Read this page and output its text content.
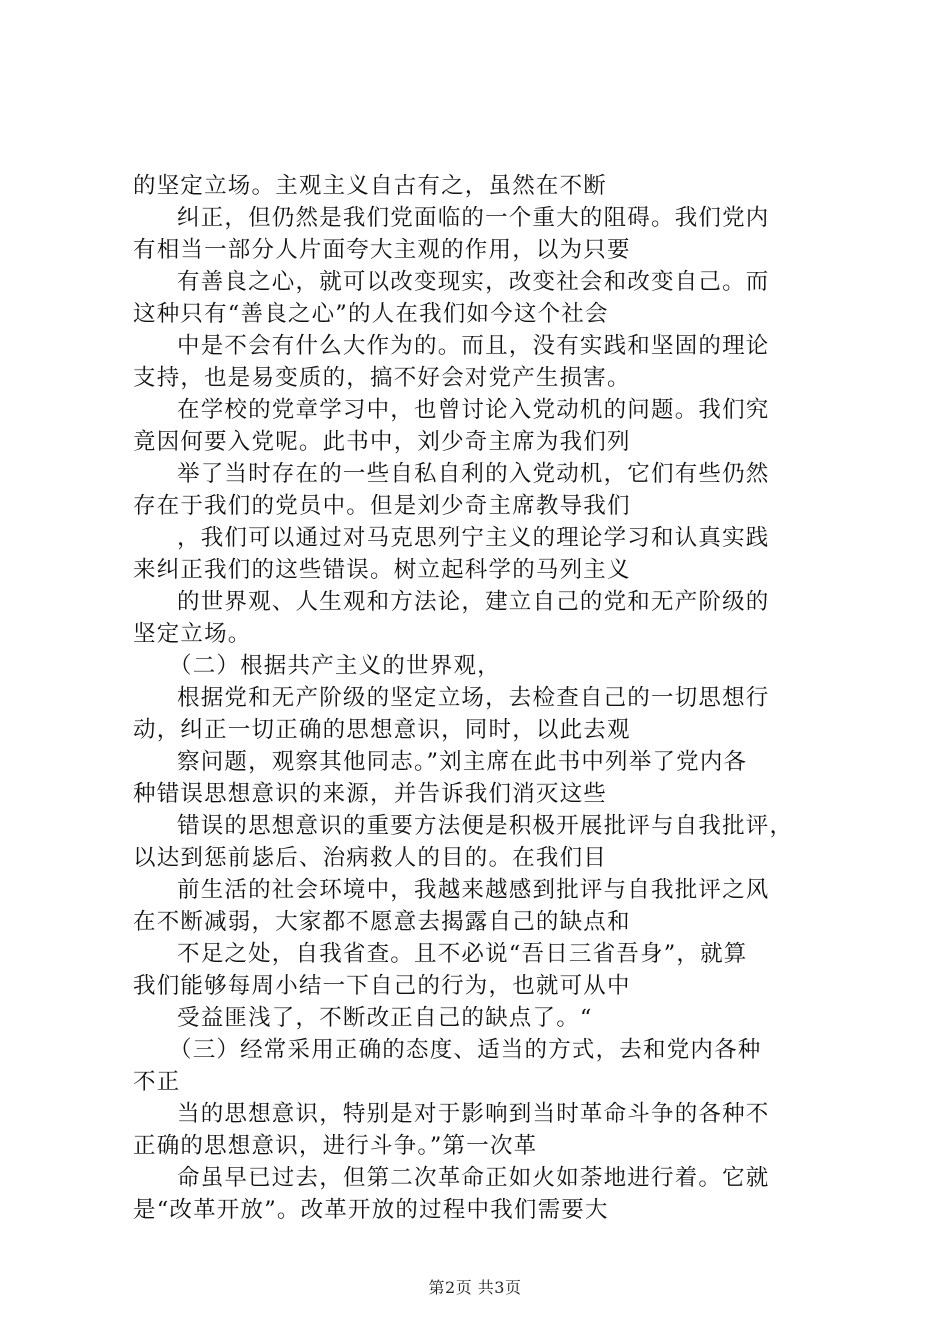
的坚定立场。主观主义自古有之，虽然在不断
纠正，但仍然是我们党面临的一个重大的阻碍。我们党内
有相当一部分人片面夸大主观的作用，以为只要
有善良之心，就可以改变现实，改变社会和改变自己。而
这种只有“善良之心”的人在我们如今这个社会
中是不会有什么大作为的。而且，没有实践和坚固的理论
支持，也是易变质的，搞不好会对党产生损害。
在学校的党章学习中，也曾讨论入党动机的问题。我们究
竟因何要入党呢。此书中，刘少奇主席为我们列
举了当时存在的一些自私自利的入党动机，它们有些仍然
存在于我们的党员中。但是刘少奇主席教导我们
，我们可以通过对马克思列宁主义的理论学习和认真实践
来纠正我们的这些错误。树立起科学的马列主义
的世界观、人生观和方法论，建立自己的党和无产阶级的
坚定立场。
（二）根据共产主义的世界观，
根据党和无产阶级的坚定立场，去检查自己的一切思想行
动，纠正一切正确的思想意识，同时，以此去观
察问题，观察其他同志。”刘主席在此书中列举了党内各
种错误思想意识的来源，并告诉我们消灭这些
错误的思想意识的重要方法便是积极开展批评与自我批评，
以达到惩前毖后、治病救人的目的。在我们目
前生活的社会环境中，我越来越感到批评与自我批评之风
在不断减弱，大家都不愿意去揭露自己的缺点和
不足之处，自我省查。且不必说“吾日三省吾身”，就算
我们能够每周小结一下自己的行为，也就可从中
受益匪浅了，不断改正自己的缺点了。“
（三）经常采用正确的态度、适当的方式，去和党内各种
不正
当的思想意识，特别是对于影响到当时革命斗争的各种不
正确的思想意识，进行斗争。”第一次革
命虽早已过去，但第二次革命正如火如荼地进行着。它就
是“改革开放”。改革开放的过程中我们需要大
第2页 共3页
